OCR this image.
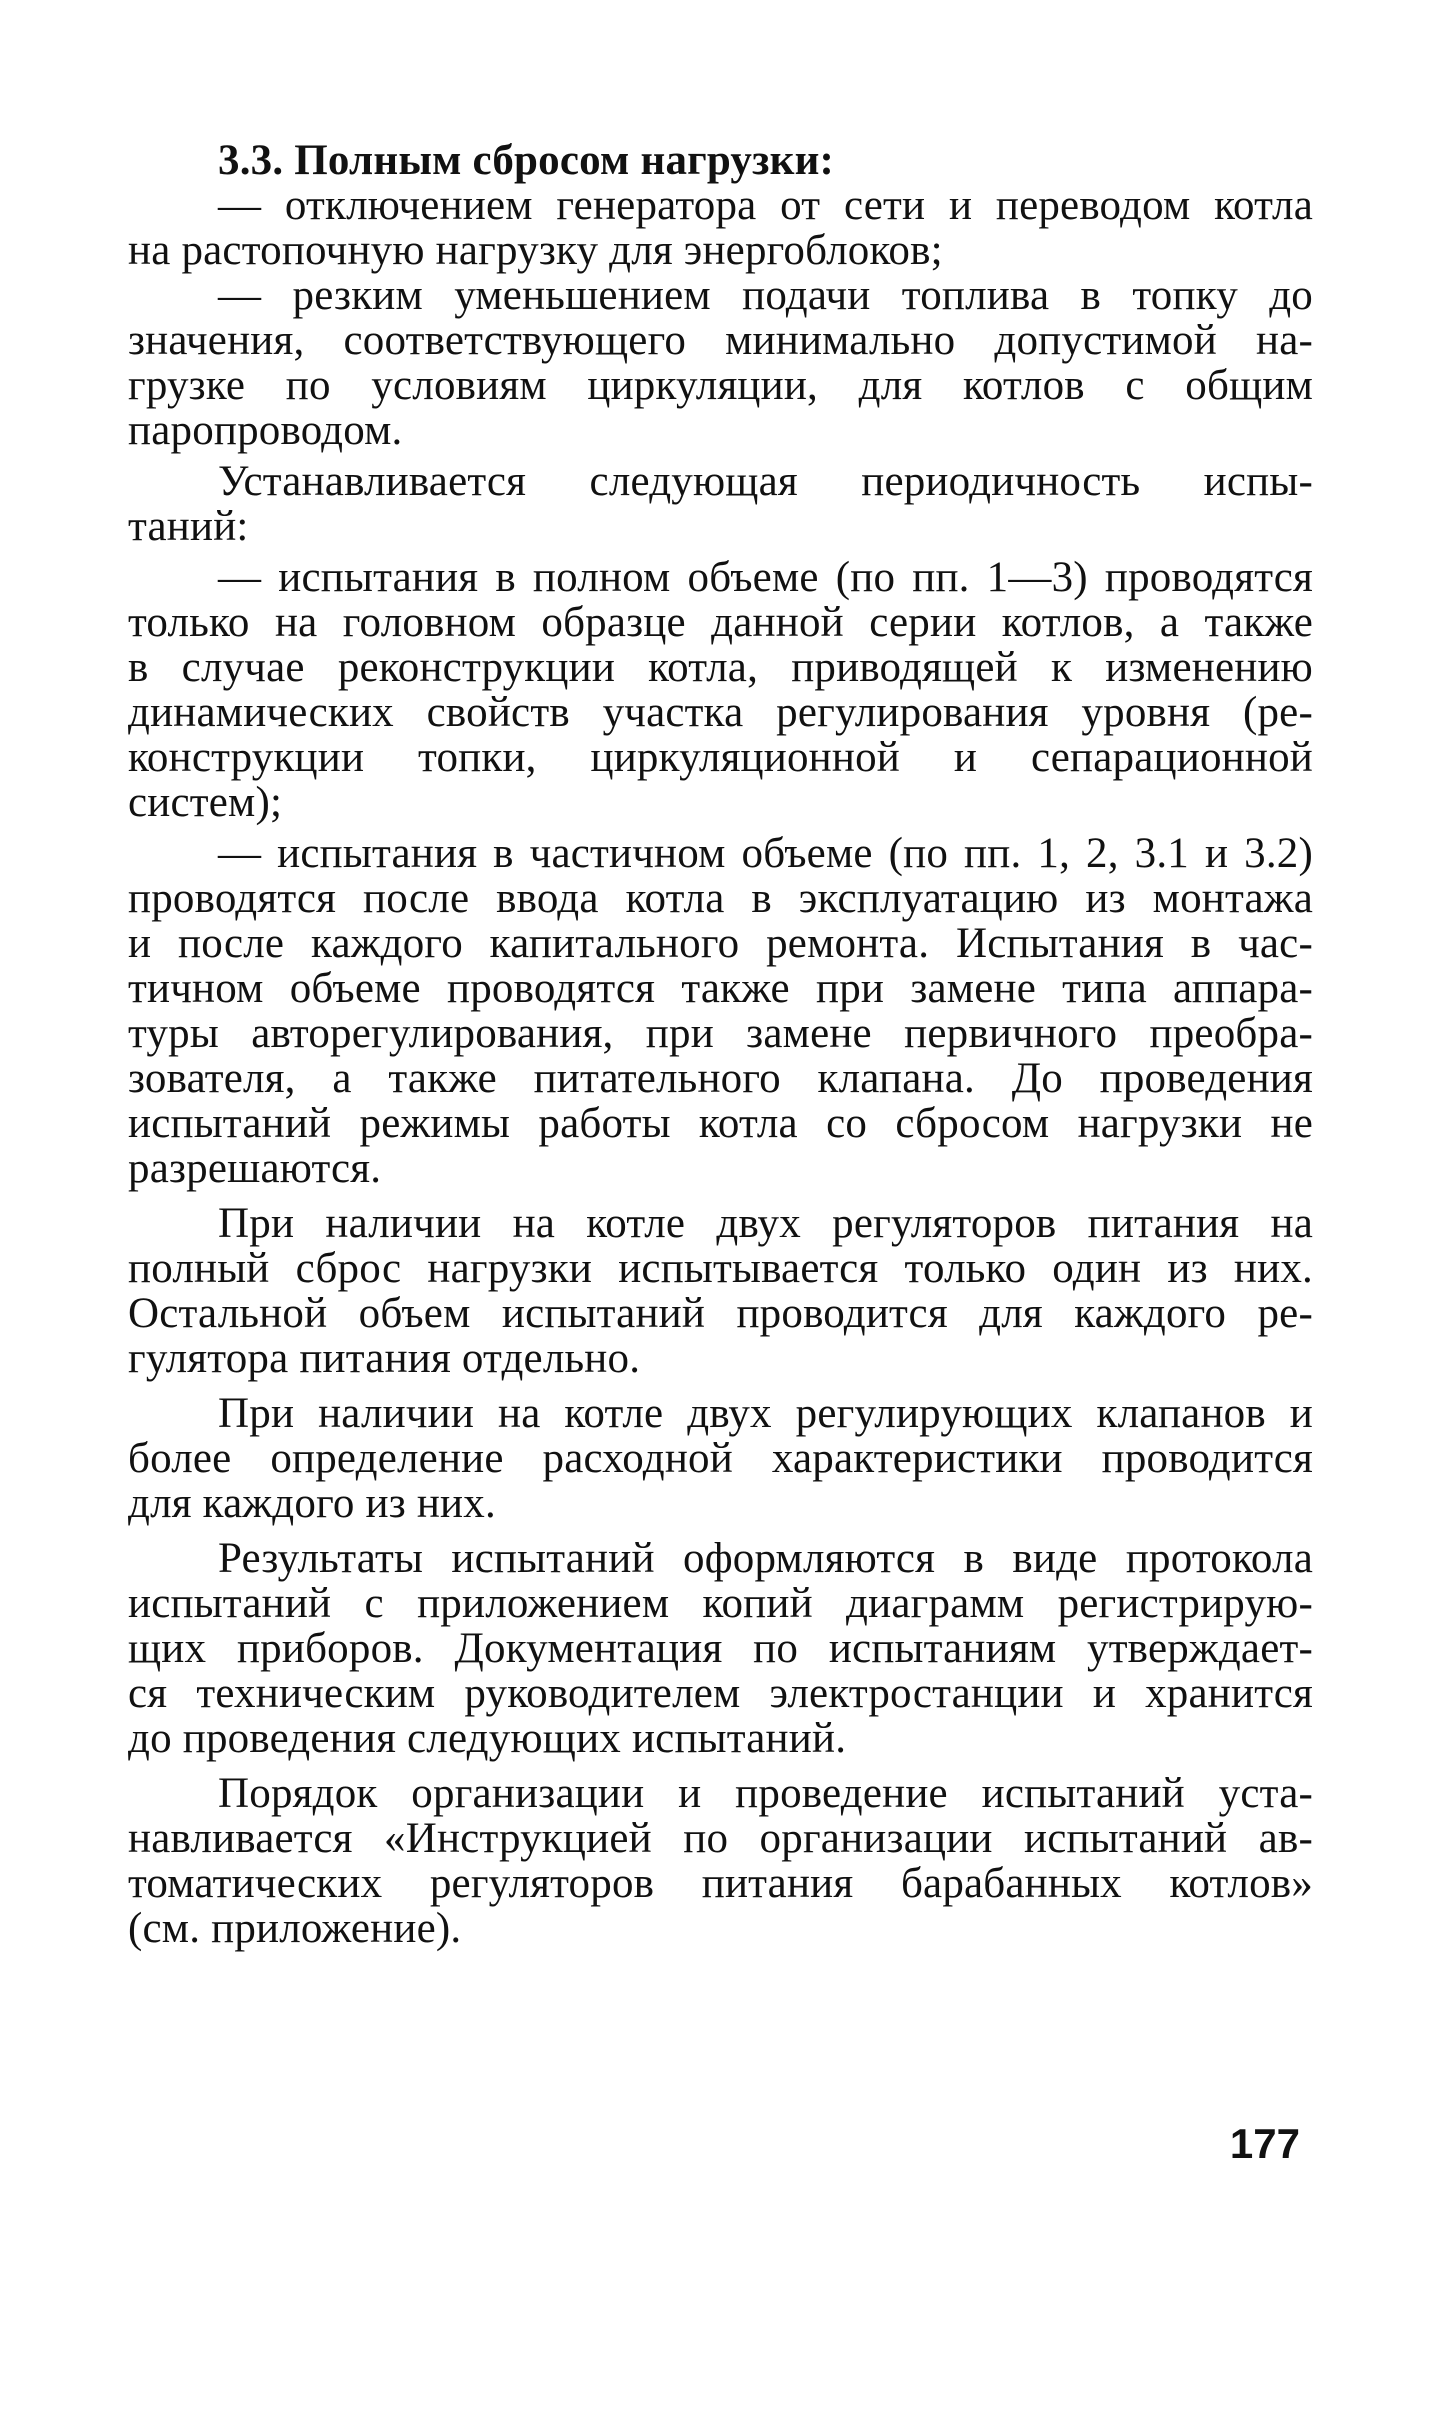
3.3. Полным сбросом нагрузки:
— отключением генератора от сети и переводом котла
на растопочную нагрузку для энергоблоков;
— резким уменьшением подачи топлива в топку до
значения, соответствующего минимально допустимой на-
грузке по условиям циркуляции, для котлов с общим
паропроводом.
Устанавливается следующая периодичность испы-
таний:
— испытания в полном объеме (по пп. 1—3) проводятся
только на головном образце данной серии котлов, а также
в случае реконструкции котла, приводящей к изменению
динамических свойств участка регулирования уровня (ре-
конструкции топки, циркуляционной и сепарационной
систем);
— испытания в частичном объеме (по пп. 1, 2, 3.1 и 3.2)
проводятся после ввода котла в эксплуатацию из монтажа
и после каждого капитального ремонта. Испытания в час-
тичном объеме проводятся также при замене типа аппара-
туры авторегулирования, при замене первичного преобра-
зователя, а также питательного клапана. До проведения
испытаний режимы работы котла со сбросом нагрузки не
разрешаются.
При наличии на котле двух регуляторов питания на
полный сброс нагрузки испытывается только один из них.
Остальной объем испытаний проводится для каждого ре-
гулятора питания отдельно.
При наличии на котле двух регулирующих клапанов и
более определение расходной характеристики проводится
для каждого из них.
Результаты испытаний оформляются в виде протокола
испытаний с приложением копий диаграмм регистрирую-
щих приборов. Документация по испытаниям утверждает-
ся техническим руководителем электростанции и хранится
до проведения следующих испытаний.
Порядок организации и проведение испытаний уста-
навливается «Инструкцией по организации испытаний ав-
томатических регуляторов питания барабанных котлов»
(см. приложение).
177
